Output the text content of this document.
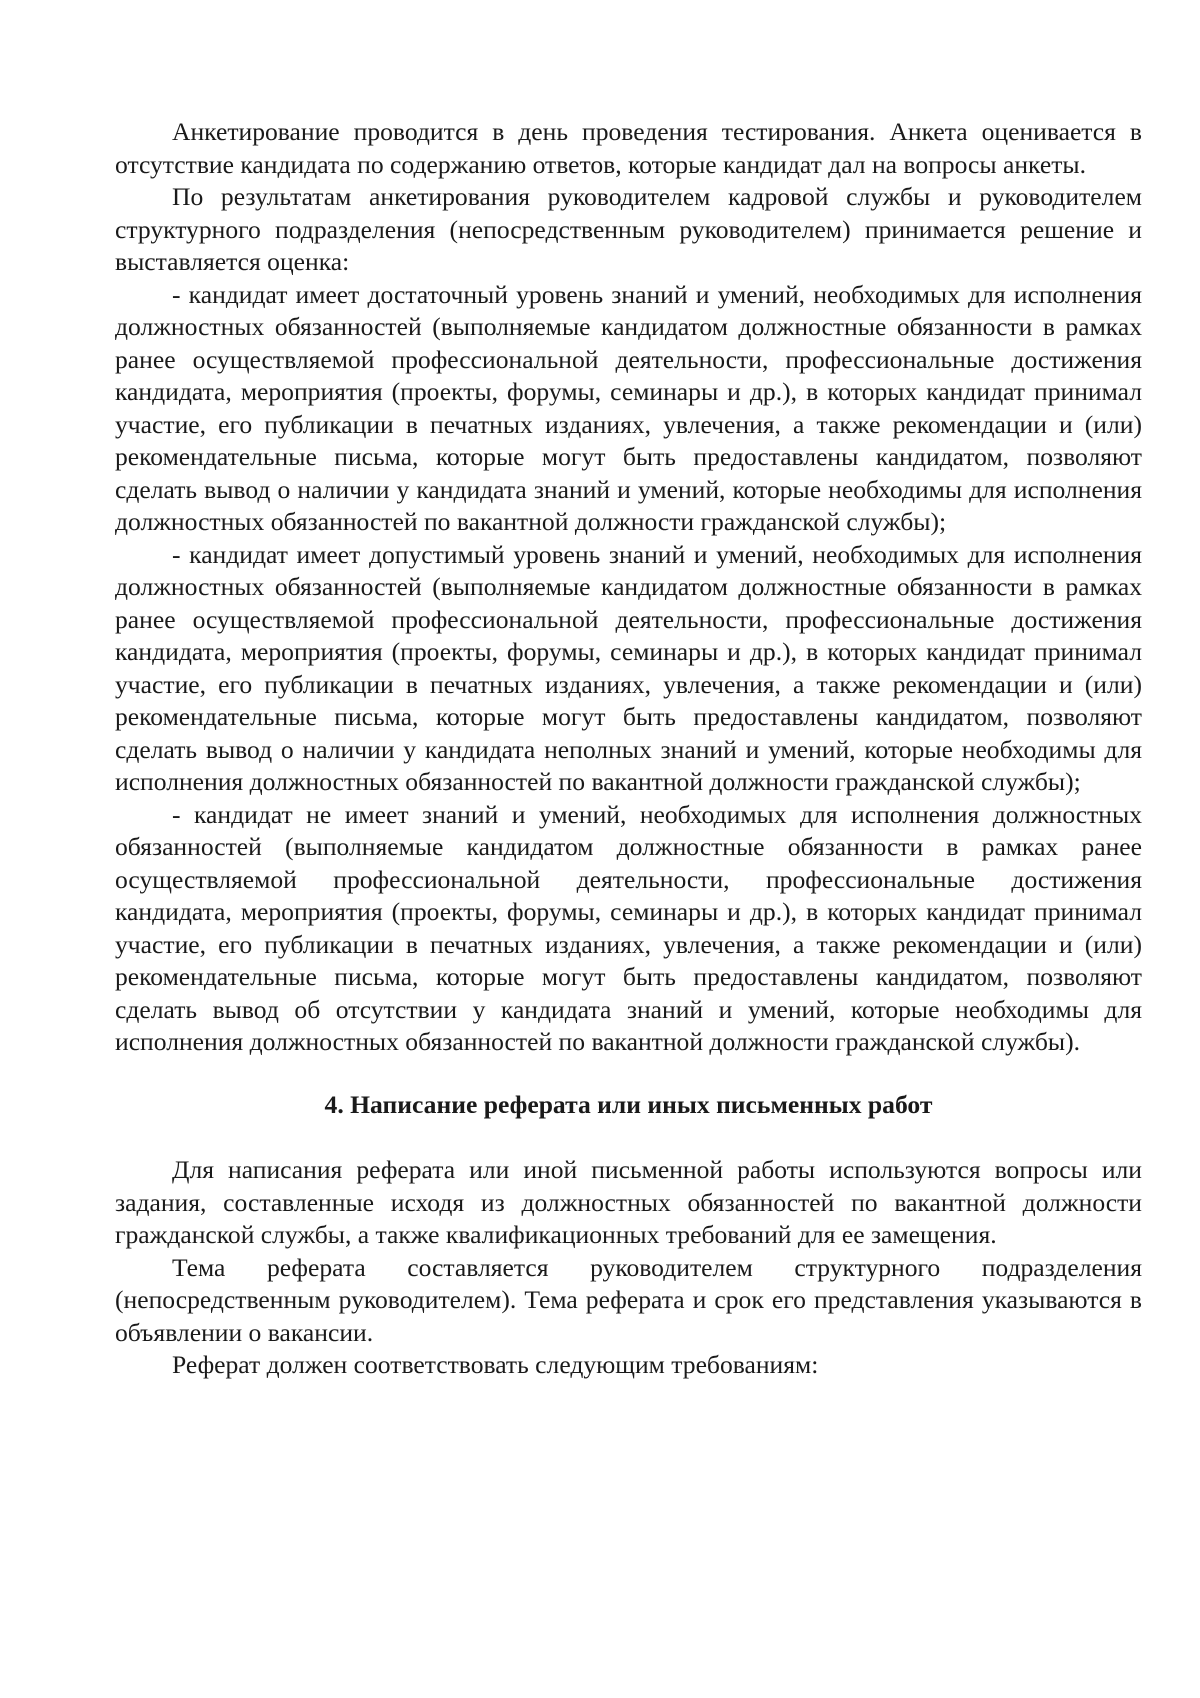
Анкетирование проводится в день проведения тестирования. Анкета оценивается в отсутствие кандидата по содержанию ответов, которые кандидат дал на вопросы анкеты.

По результатам анкетирования руководителем кадровой службы и руководителем структурного подразделения (непосредственным руководителем) принимается решение и выставляется оценка:

- кандидат имеет достаточный уровень знаний и умений, необходимых для исполнения должностных обязанностей (выполняемые кандидатом должностные обязанности в рамках ранее осуществляемой профессиональной деятельности, профессиональные достижения кандидата, мероприятия (проекты, форумы, семинары и др.), в которых кандидат принимал участие, его публикации в печатных изданиях, увлечения, а также рекомендации и (или) рекомендательные письма, которые могут быть предоставлены кандидатом, позволяют сделать вывод о наличии у кандидата знаний и умений, которые необходимы для исполнения должностных обязанностей по вакантной должности гражданской службы);

- кандидат имеет допустимый уровень знаний и умений, необходимых для исполнения должностных обязанностей (выполняемые кандидатом должностные обязанности в рамках ранее осуществляемой профессиональной деятельности, профессиональные достижения кандидата, мероприятия (проекты, форумы, семинары и др.), в которых кандидат принимал участие, его публикации в печатных изданиях, увлечения, а также рекомендации и (или) рекомендательные письма, которые могут быть предоставлены кандидатом, позволяют сделать вывод о наличии у кандидата неполных знаний и умений, которые необходимы для исполнения должностных обязанностей по вакантной должности гражданской службы);

- кандидат не имеет знаний и умений, необходимых для исполнения должностных обязанностей (выполняемые кандидатом должностные обязанности в рамках ранее осуществляемой профессиональной деятельности, профессиональные достижения кандидата, мероприятия (проекты, форумы, семинары и др.), в которых кандидат принимал участие, его публикации в печатных изданиях, увлечения, а также рекомендации и (или) рекомендательные письма, которые могут быть предоставлены кандидатом, позволяют сделать вывод об отсутствии у кандидата знаний и умений, которые необходимы для исполнения должностных обязанностей по вакантной должности гражданской службы).

4. Написание реферата или иных письменных работ

Для написания реферата или иной письменной работы используются вопросы или задания, составленные исходя из должностных обязанностей по вакантной должности гражданской службы, а также квалификационных требований для ее замещения.

Тема реферата составляется руководителем структурного подразделения (непосредственным руководителем). Тема реферата и срок его представления указываются в объявлении о вакансии.

Реферат должен соответствовать следующим требованиям:
